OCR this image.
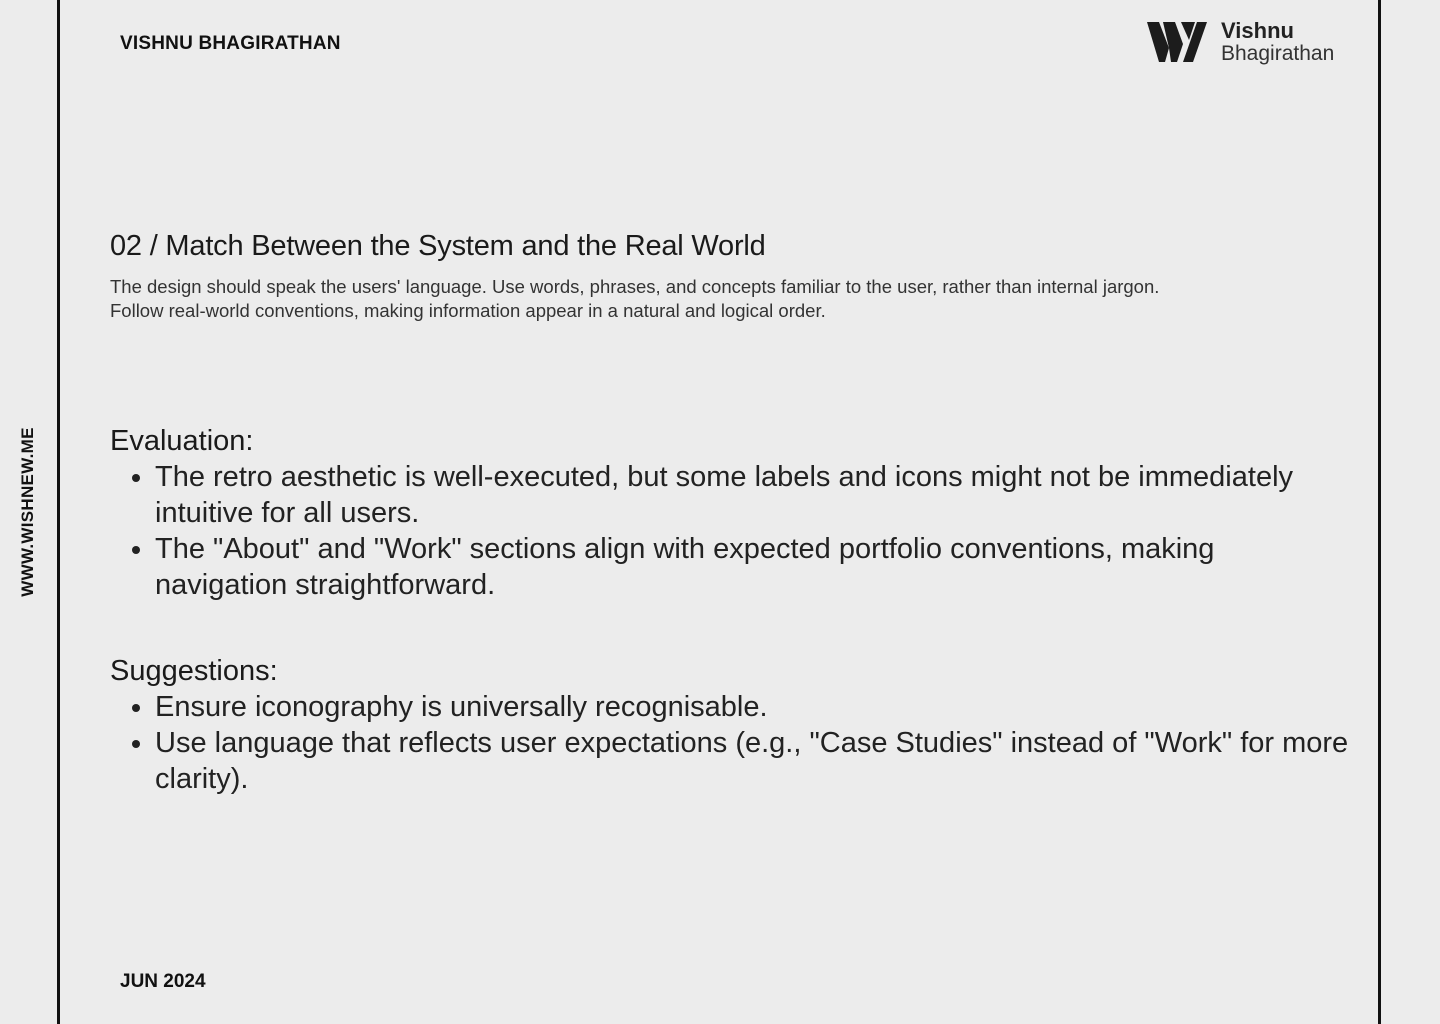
WWW.WISHNEW.ME
VISHNU BHAGIRATHAN
Vishnu
Bhagirathan
02 / Match Between the System and the Real World

The design should speak the users' language. Use words, phrases, and concepts familiar to the user, rather than internal jargon. Follow real-world conventions, making information appear in a natural and logical order.

Evaluation:
• The retro aesthetic is well-executed, but some labels and icons might not be immediately intuitive for all users.
• The "About" and "Work" sections align with expected portfolio conventions, making navigation straightforward.
Suggestions:
• Ensure iconography is universally recognisable.
• Use language that reflects user expectations (e.g., "Case Studies" instead of "Work" for more clarity).
JUN 2024
